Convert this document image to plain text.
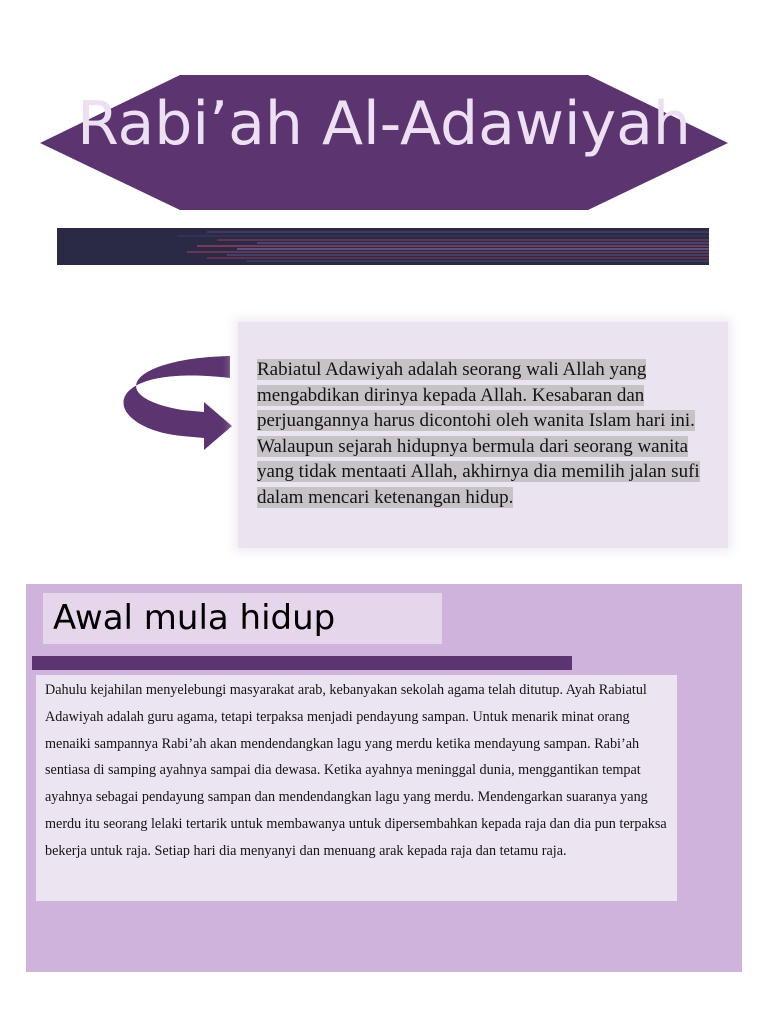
Rabi’ah Al-Adawiyah

Rabiatul Adawiyah adalah seorang wali Allah yang mengabdikan dirinya kepada Allah. Kesabaran dan perjuangannya harus dicontohi oleh wanita Islam hari ini. Walaupun sejarah hidupnya bermula dari seorang wanita yang tidak mentaati Allah, akhirnya dia memilih jalan sufi dalam mencari ketenangan hidup.

Awal mula hidup

Dahulu kejahilan menyelebungi masyarakat arab, kebanyakan sekolah agama telah ditutup. Ayah Rabiatul Adawiyah adalah guru agama, tetapi terpaksa menjadi pendayung sampan. Untuk menarik minat orang menaiki sampannya Rabi’ah akan mendendangkan lagu yang merdu ketika mendayung sampan. Rabi’ah sentiasa di samping ayahnya sampai dia dewasa. Ketika ayahnya meninggal dunia, menggantikan tempat ayahnya sebagai pendayung sampan dan mendendangkan lagu yang merdu. Mendengarkan suaranya yang merdu itu seorang lelaki tertarik untuk membawanya untuk dipersembahkan kepada raja dan dia pun terpaksa bekerja untuk raja. Setiap hari dia menyanyi dan menuang arak kepada raja dan tetamu raja.
